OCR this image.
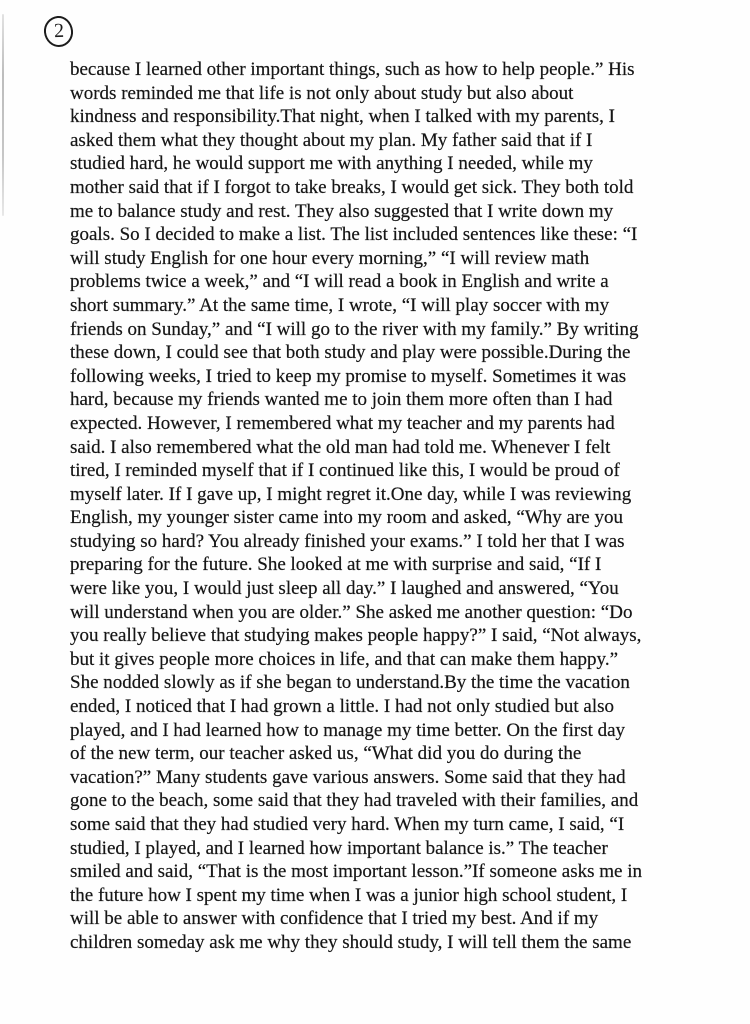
2
because I learned other important things, such as how to help people.” His
words reminded me that life is not only about study but also about
kindness and responsibility.That night, when I talked with my parents, I
asked them what they thought about my plan. My father said that if I
studied hard, he would support me with anything I needed, while my
mother said that if I forgot to take breaks, I would get sick. They both told
me to balance study and rest. They also suggested that I write down my
goals. So I decided to make a list. The list included sentences like these: “I
will study English for one hour every morning,” “I will review math
problems twice a week,” and “I will read a book in English and write a
short summary.” At the same time, I wrote, “I will play soccer with my
friends on Sunday,” and “I will go to the river with my family.” By writing
these down, I could see that both study and play were possible.During the
following weeks, I tried to keep my promise to myself. Sometimes it was
hard, because my friends wanted me to join them more often than I had
expected. However, I remembered what my teacher and my parents had
said. I also remembered what the old man had told me. Whenever I felt
tired, I reminded myself that if I continued like this, I would be proud of
myself later. If I gave up, I might regret it.One day, while I was reviewing
English, my younger sister came into my room and asked, “Why are you
studying so hard? You already finished your exams.” I told her that I was
preparing for the future. She looked at me with surprise and said, “If I
were like you, I would just sleep all day.” I laughed and answered, “You
will understand when you are older.” She asked me another question: “Do
you really believe that studying makes people happy?” I said, “Not always,
but it gives people more choices in life, and that can make them happy.”
She nodded slowly as if she began to understand.By the time the vacation
ended, I noticed that I had grown a little. I had not only studied but also
played, and I had learned how to manage my time better. On the first day
of the new term, our teacher asked us, “What did you do during the
vacation?” Many students gave various answers. Some said that they had
gone to the beach, some said that they had traveled with their families, and
some said that they had studied very hard. When my turn came, I said, “I
studied, I played, and I learned how important balance is.” The teacher
smiled and said, “That is the most important lesson.”If someone asks me in
the future how I spent my time when I was a junior high school student, I
will be able to answer with confidence that I tried my best. And if my
children someday ask me why they should study, I will tell them the same
